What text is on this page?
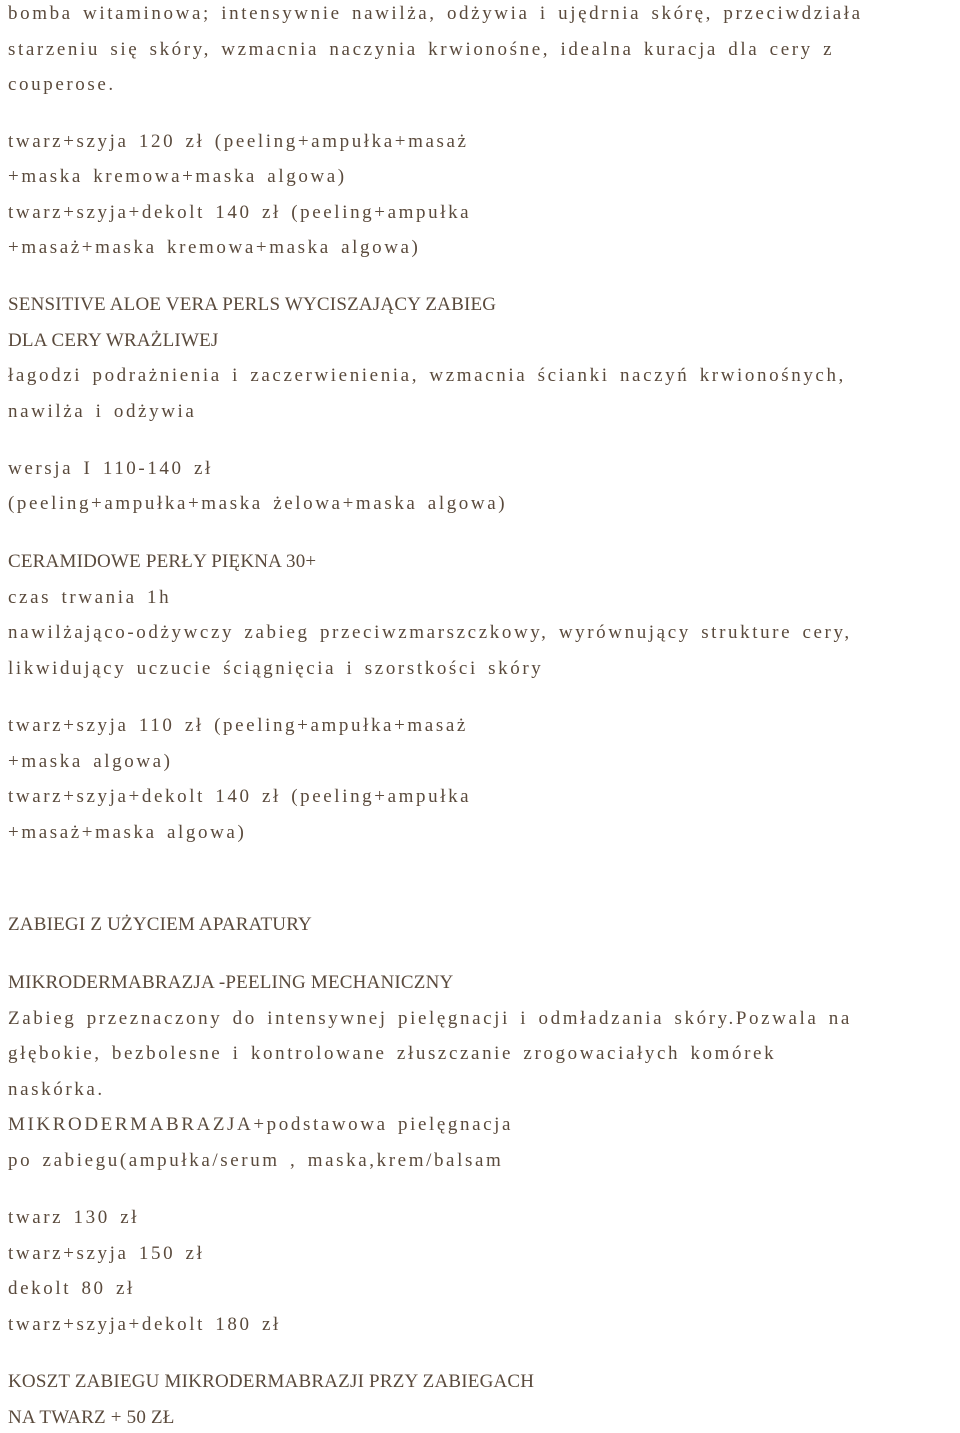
bomba witaminowa; intensywnie nawilża, odżywia i ujędrnia skórę, przeciwdziała
starzeniu się skóry, wzmacnia naczynia krwionośne, idealna kuracja dla cery z
couperose.
twarz+szyja 120 zł (peeling+ampułka+masaż
+maska kremowa+maska algowa)
twarz+szyja+dekolt 140 zł (peeling+ampułka
+masaż+maska kremowa+maska algowa)
SENSITIVE ALOE VERA PERLS WYCISZAJĄCY ZABIEG
DLA CERY WRAŻLIWEJ
łagodzi podrażnienia i zaczerwienienia, wzmacnia ścianki naczyń krwionośnych,
nawilża i odżywia
wersja I 110-140 zł
(peeling+ampułka+maska żelowa+maska algowa)
CERAMIDOWE PERŁY PIĘKNA 30+
czas trwania 1h
nawilżająco-odżywczy zabieg przeciwzmarszczkowy, wyrównujący strukture cery,
likwidujący uczucie ściągnięcia i szorstkości skóry
twarz+szyja 110 zł (peeling+ampułka+masaż
+maska algowa)
twarz+szyja+dekolt 140 zł (peeling+ampułka
+masaż+maska algowa)
ZABIEGI Z UŻYCIEM APARATURY
MIKRODERMABRAZJA -PEELING MECHANICZNY
Zabieg przeznaczony do intensywnej pielęgnacji i odmładzania skóry.Pozwala na
głębokie, bezbolesne i kontrolowane złuszczanie zrogowaciałych komórek
naskórka.
MIKRODERMABRAZJA+podstawowa pielęgnacja
po zabiegu(ampułka/serum , maska,krem/balsam
twarz 130 zł
twarz+szyja 150 zł
dekolt 80 zł
twarz+szyja+dekolt 180 zł
KOSZT ZABIEGU MIKRODERMABRAZJI PRZY ZABIEGACH
NA TWARZ + 50 ZŁ
